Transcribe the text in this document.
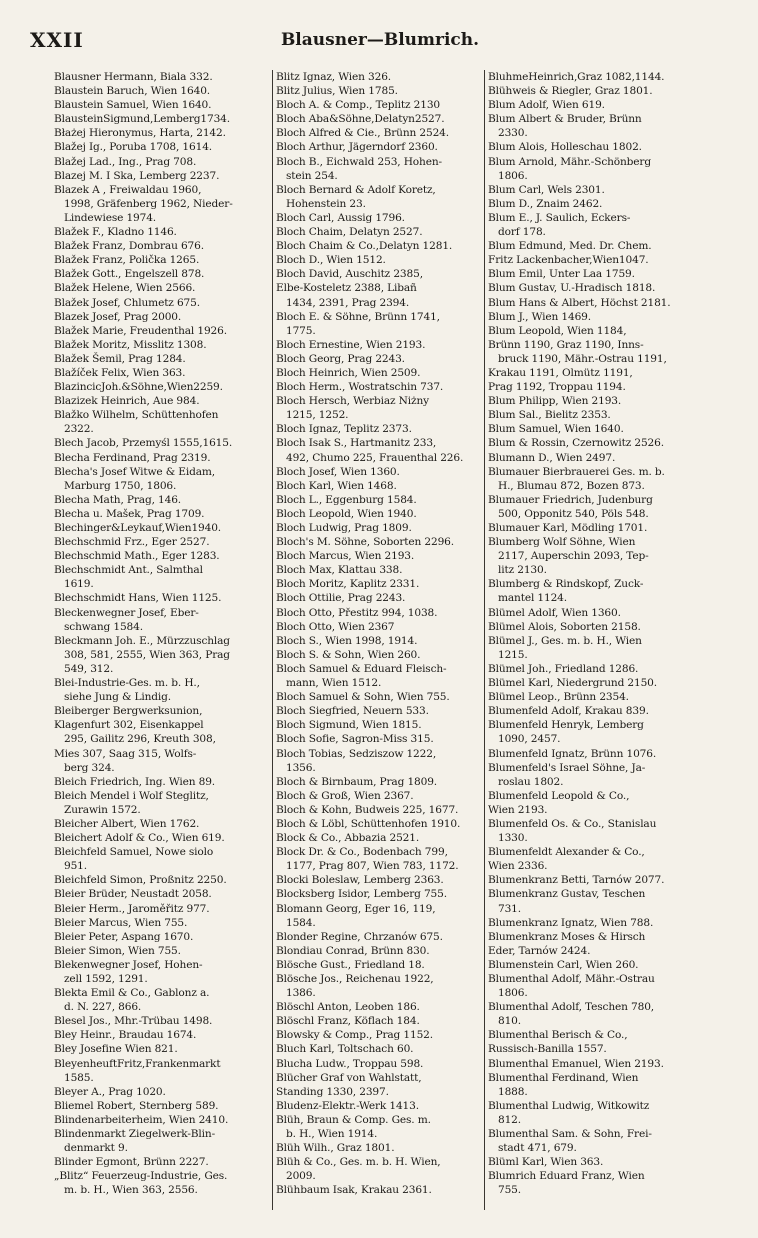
XXII	Blausner—Blumrich.
Blausner Hermann, Biala 332.
Blaustein Baruch, Wien 1640.
Blaustein Samuel, Wien 1640.
BlausteinSigmund,Lemberg1734.
Błażej Hieronymus, Harta, 2142.
Blažej Ig., Poruba 1708, 1614.
Blažej Lad., Ing., Prag 708.
Blazej M. I Ska, Lemberg 2237.
Blazek A , Freiwaldau 1960,
1998, Gräfenberg 1962, Nieder-
Lindewiese 1974.
Blažek F., Kladno 1146.
Blažek Franz, Dombrau 676.
Blažek Franz, Polička 1265.
Blažek Gott., Engelszell 878.
Blažek Helene, Wien 2566.
Blažek Josef, Chlumetz 675.
Blazek Josef, Prag 2000.
Blažek Marie, Freudenthal 1926.
Blažek Moritz, Misslitz 1308.
Blažek Šemil, Prag 1284.
Blažíček Felix, Wien 363.
BlazincicJoh.&Söhne,Wien2259.
Blazizek Heinrich, Aue 984.
Blažko Wilhelm, Schüttenhofen
2322.
Blech Jacob, Przemyśl 1555,1615.
Blecha Ferdinand, Prag 2319.
Blecha's Josef Witwe & Eidam,
Marburg 1750, 1806.
Blecha Math, Prag, 146.
Blecha u. Mašek, Prag 1709.
Blechinger&Leykauf,Wien1940.
Blechschmid Frz., Eger 2527.
Blechschmid Math., Eger 1283.
Blechschmidt Ant., Salmthal
1619.
Blechschmidt Hans, Wien 1125.
Bleckenwegner Josef, Eber-
schwang 1584.
Bleckmann Joh. E., Mürzzuschlag
308, 581, 2555, Wien 363, Prag
549, 312.
Blei-Industrie-Ges. m. b. H.,
siehe Jung & Lindig.
Bleiberger Bergwerksunion,
Klagenfurt 302, Eisenkappel
295, Gailitz 296, Kreuth 308,
Mies 307, Saag 315, Wolfs-
berg 324.
Bleich Friedrich, Ing. Wien 89.
Bleich Mendel i Wolf Steglitz,
Zurawin 1572.
Bleicher Albert, Wien 1762.
Bleichert Adolf & Co., Wien 619.
Bleichfeld Samuel, Nowe siolo
951.
Bleichfeld Simon, Proßnitz 2250.
Bleier Brüder, Neustadt 2058.
Bleier Herm., Jaroměřitz 977.
Bleier Marcus, Wien 755.
Bleier Peter, Aspang 1670.
Bleier Simon, Wien 755.
Blekenwegner Josef, Hohen-
zell 1592, 1291.
Blekta Emil & Co., Gablonz a.
d. N. 227, 866.
Blesel Jos., Mhr.-Trübau 1498.
Bley Heinr., Braudau 1674.
Bley Josefine Wien 821.
BleyenheuftFritz,Frankenmarkt
1585.
Bleyer A., Prag 1020.
Bliemel Robert, Sternberg 589.
Blindenarbeiterheim, Wien 2410.
Blindenmarkt Ziegelwerk-Blin-
denmarkt 9.
Blinder Egmont, Brünn 2227.
„Blitz“ Feuerzeug-Industrie, Ges.
m. b. H., Wien 363, 2556.
Blitz Ignaz, Wien 326.
Blitz Julius, Wien 1785.
Bloch A. & Comp., Teplitz 2130
Bloch Aba&Söhne,Delatyn2527.
Bloch Alfred & Cie., Brünn 2524.
Bloch Arthur, Jägerndorf 2360.
Bloch B., Eichwald 253, Hohen-
stein 254.
Bloch Bernard & Adolf Koretz,
Hohenstein 23.
Bloch Carl, Aussig 1796.
Bloch Chaim, Delatyn 2527.
Bloch Chaim & Co.,Delatyn 1281.
Bloch D., Wien 1512.
Bloch David, Auschitz 2385,
Elbe-Kosteletz 2388, Libañ
1434, 2391, Prag 2394.
Bloch E. & Söhne, Brünn 1741,
1775.
Bloch Ernestine, Wien 2193.
Bloch Georg, Prag 2243.
Bloch Heinrich, Wien 2509.
Bloch Herm., Wostratschin 737.
Bloch Hersch, Werbiaz Niżny
1215, 1252.
Bloch Ignaz, Teplitz 2373.
Bloch Isak S., Hartmanitz 233,
492, Chumo 225, Frauenthal 226.
Bloch Josef, Wien 1360.
Bloch Karl, Wien 1468.
Bloch L., Eggenburg 1584.
Bloch Leopold, Wien 1940.
Bloch Ludwig, Prag 1809.
Bloch's M. Söhne, Soborten 2296.
Bloch Marcus, Wien 2193.
Bloch Max, Klattau 338.
Bloch Moritz, Kaplitz 2331.
Bloch Ottilie, Prag 2243.
Bloch Otto, Přestitz 994, 1038.
Bloch Otto, Wien 2367
Bloch S., Wien 1998, 1914.
Bloch S. & Sohn, Wien 260.
Bloch Samuel & Eduard Fleisch-
mann, Wien 1512.
Bloch Samuel & Sohn, Wien 755.
Bloch Siegfried, Neuern 533.
Bloch Sigmund, Wien 1815.
Bloch Sofie, Sagron-Miss 315.
Bloch Tobias, Sedziszow 1222,
1356.
Bloch & Birnbaum, Prag 1809.
Bloch & Groß, Wien 2367.
Bloch & Kohn, Budweis 225, 1677.
Bloch & Löbl, Schüttenhofen 1910.
Block & Co., Abbazia 2521.
Block Dr. & Co., Bodenbach 799,
1177, Prag 807, Wien 783, 1172.
Blocki Boleslaw, Lemberg 2363.
Blocksberg Isidor, Lemberg 755.
Blomann Georg, Eger 16, 119,
1584.
Blonder Regine, Chrzanów 675.
Blondiau Conrad, Brünn 830.
Blösche Gust., Friedland 18.
Blösche Jos., Reichenau 1922,
1386.
Blöschl Anton, Leoben 186.
Blöschl Franz, Köflach 184.
Blowsky & Comp., Prag 1152.
Bluch Karl, Toltschach 60.
Blucha Ludw., Troppau 598.
Blücher Graf von Wahlstatt,
Standing 1330, 2397.
Bludenz-Elektr.-Werk 1413.
Blüh, Braun & Comp. Ges. m.
b. H., Wien 1914.
Blüh Wilh., Graz 1801.
Blüh & Co., Ges. m. b. H. Wien,
2009.
Blühbaum Isak, Krakau 2361.
BluhmeHeinrich,Graz 1082,1144.
Blühweis & Riegler, Graz 1801.
Blum Adolf, Wien 619.
Blum Albert & Bruder, Brünn
2330.
Blum Alois, Holleschau 1802.
Blum Arnold, Mähr.-Schönberg
1806.
Blum Carl, Wels 2301.
Blum D., Znaim 2462.
Blum E., J. Saulich, Eckers-
dorf 178.
Blum Edmund, Med. Dr. Chem.
Fritz Lackenbacher,Wien1047.
Blum Emil, Unter Laa 1759.
Blum Gustav, U.-Hradisch 1818.
Blum Hans & Albert, Höchst 2181.
Blum J., Wien 1469.
Blum Leopold, Wien 1184,
Brünn 1190, Graz 1190, Inns-
bruck 1190, Mähr.-Ostrau 1191,
Krakau 1191, Olmütz 1191,
Prag 1192, Troppau 1194.
Blum Philipp, Wien 2193.
Blum Sal., Bielitz 2353.
Blum Samuel, Wien 1640.
Blum & Rossin, Czernowitz 2526.
Blumann D., Wien 2497.
Blumauer Bierbrauerei Ges. m. b.
H., Blumau 872, Bozen 873.
Blumauer Friedrich, Judenburg
500, Opponitz 540, Pöls 548.
Blumauer Karl, Mödling 1701.
Blumberg Wolf Söhne, Wien
2117, Auperschin 2093, Tep-
litz 2130.
Blumberg & Rindskopf, Zuck-
mantel 1124.
Blümel Adolf, Wien 1360.
Blümel Alois, Soborten 2158.
Blümel J., Ges. m. b. H., Wien
1215.
Blümel Joh., Friedland 1286.
Blümel Karl, Niedergrund 2150.
Blümel Leop., Brünn 2354.
Blumenfeld Adolf, Krakau 839.
Blumenfeld Henryk, Lemberg
1090, 2457.
Blumenfeld Ignatz, Brünn 1076.
Blumenfeld's Israel Söhne, Ja-
roslau 1802.
Blumenfeld Leopold & Co.,
Wien 2193.
Blumenfeld Os. & Co., Stanislau
1330.
Blumenfeldt Alexander & Co.,
Wien 2336.
Blumenkranz Betti, Tarnów 2077.
Blumenkranz Gustav, Teschen
731.
Blumenkranz Ignatz, Wien 788.
Blumenkranz Moses & Hirsch
Eder, Tarnów 2424.
Blumenstein Carl, Wien 260.
Blumenthal Adolf, Mähr.-Ostrau
1806.
Blumenthal Adolf, Teschen 780,
810.
Blumenthal Berisch & Co.,
Russisch-Banilla 1557.
Blumenthal Emanuel, Wien 2193.
Blumenthal Ferdinand, Wien
1888.
Blumenthal Ludwig, Witkowitz
812.
Blumenthal Sam. & Sohn, Frei-
stadt 471, 679.
Blüml Karl, Wien 363.
Blumrich Eduard Franz, Wien
755.
